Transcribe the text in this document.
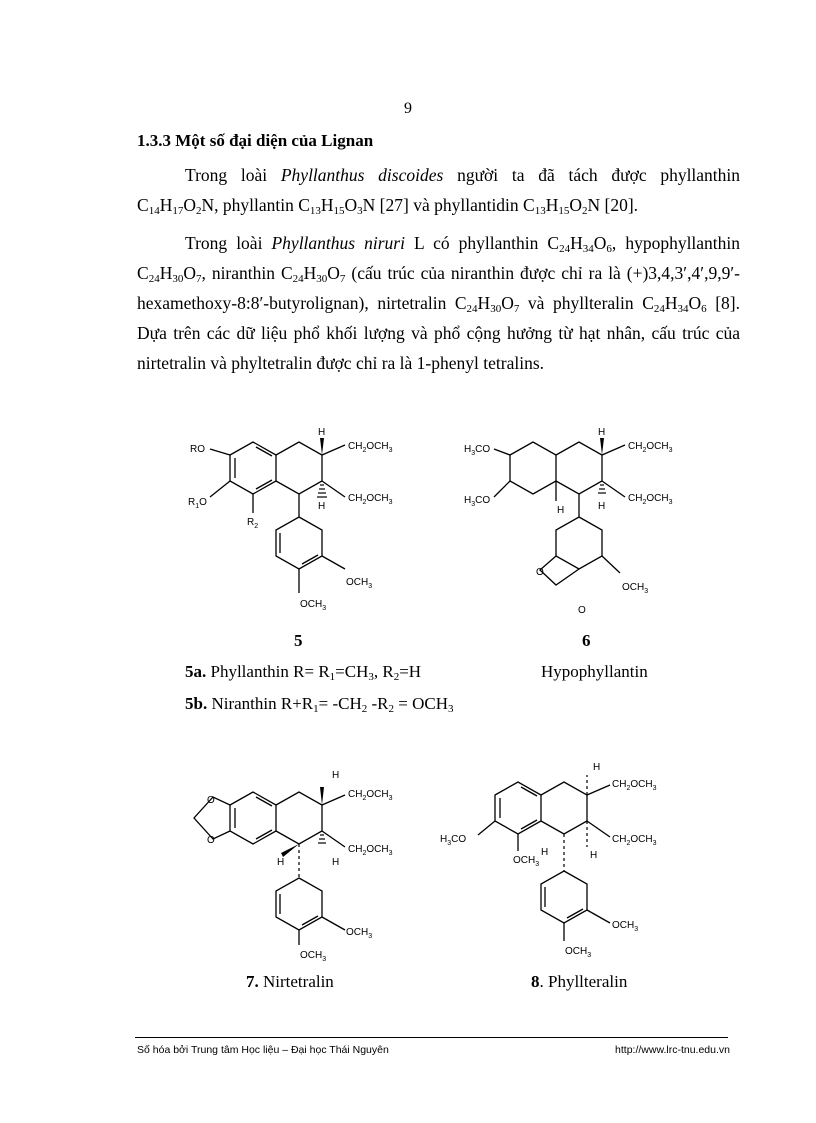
9
1.3.3 Một số đại diện của Lignan

Trong loài Phyllanthus discoides người ta đã tách được phyllanthin $C_{14}H_{17}O_2N$, phyllantin $C_{13}H_{15}O_3N$ [27] và phyllantidin $C_{13}H_{15}O_2N$ [20].

Trong loài Phyllanthus niruri L có phyllanthin $C_{24}H_{34}O_6$, hypophyllanthin $C_{24}H_{30}O_7$, niranthin $C_{24}H_{30}O_7$ (cấu trúc của niranthin được chỉ ra là (+)3,4,3′,4′,9,9′-hexamethoxy-8:8′-butyrolignan), nirtetralin $C_{24}H_{30}O_7$ và phyllteralin $C_{24}H_{34}O_6$ [8]. Dựa trên các dữ liệu phổ khối lượng và phổ cộng hưởng từ hạt nhân, cấu trúc của nirtetralin và phyltetralin được chỉ ra là 1-phenyl tetralins.

H
H
RO
$R_1O$
$R_2$
$CH_2OCH_3$
$CH_2OCH_3$
$OCH_3$
$OCH_3$
5
H
H
H
$H_3CO$
$H_3CO$
$CH_2OCH_3$
$CH_2OCH_3$
$OCH_3$
O
O
6
5a. Phyllanthin $R= R_1=CH_3$, $R_2=H$	Hypophyllantin
5b. Niranthin $R+R_1= -CH_2$ $-R_2 = OCH_3$
H
H
H
O
O
$CH_2OCH_3$
$CH_2OCH_3$
$OCH_3$
$OCH_3$
H
H
H
$H_3CO$
$OCH_3$
$CH_2OCH_3$
$CH_2OCH_3$
$OCH_3$
$OCH_3$
7. Nirtetralin	8. Phyllteralin
Số hóa bởi Trung tâm Học liệu – Đại học Thái Nguyên	http://www.lrc-tnu.edu.vn
